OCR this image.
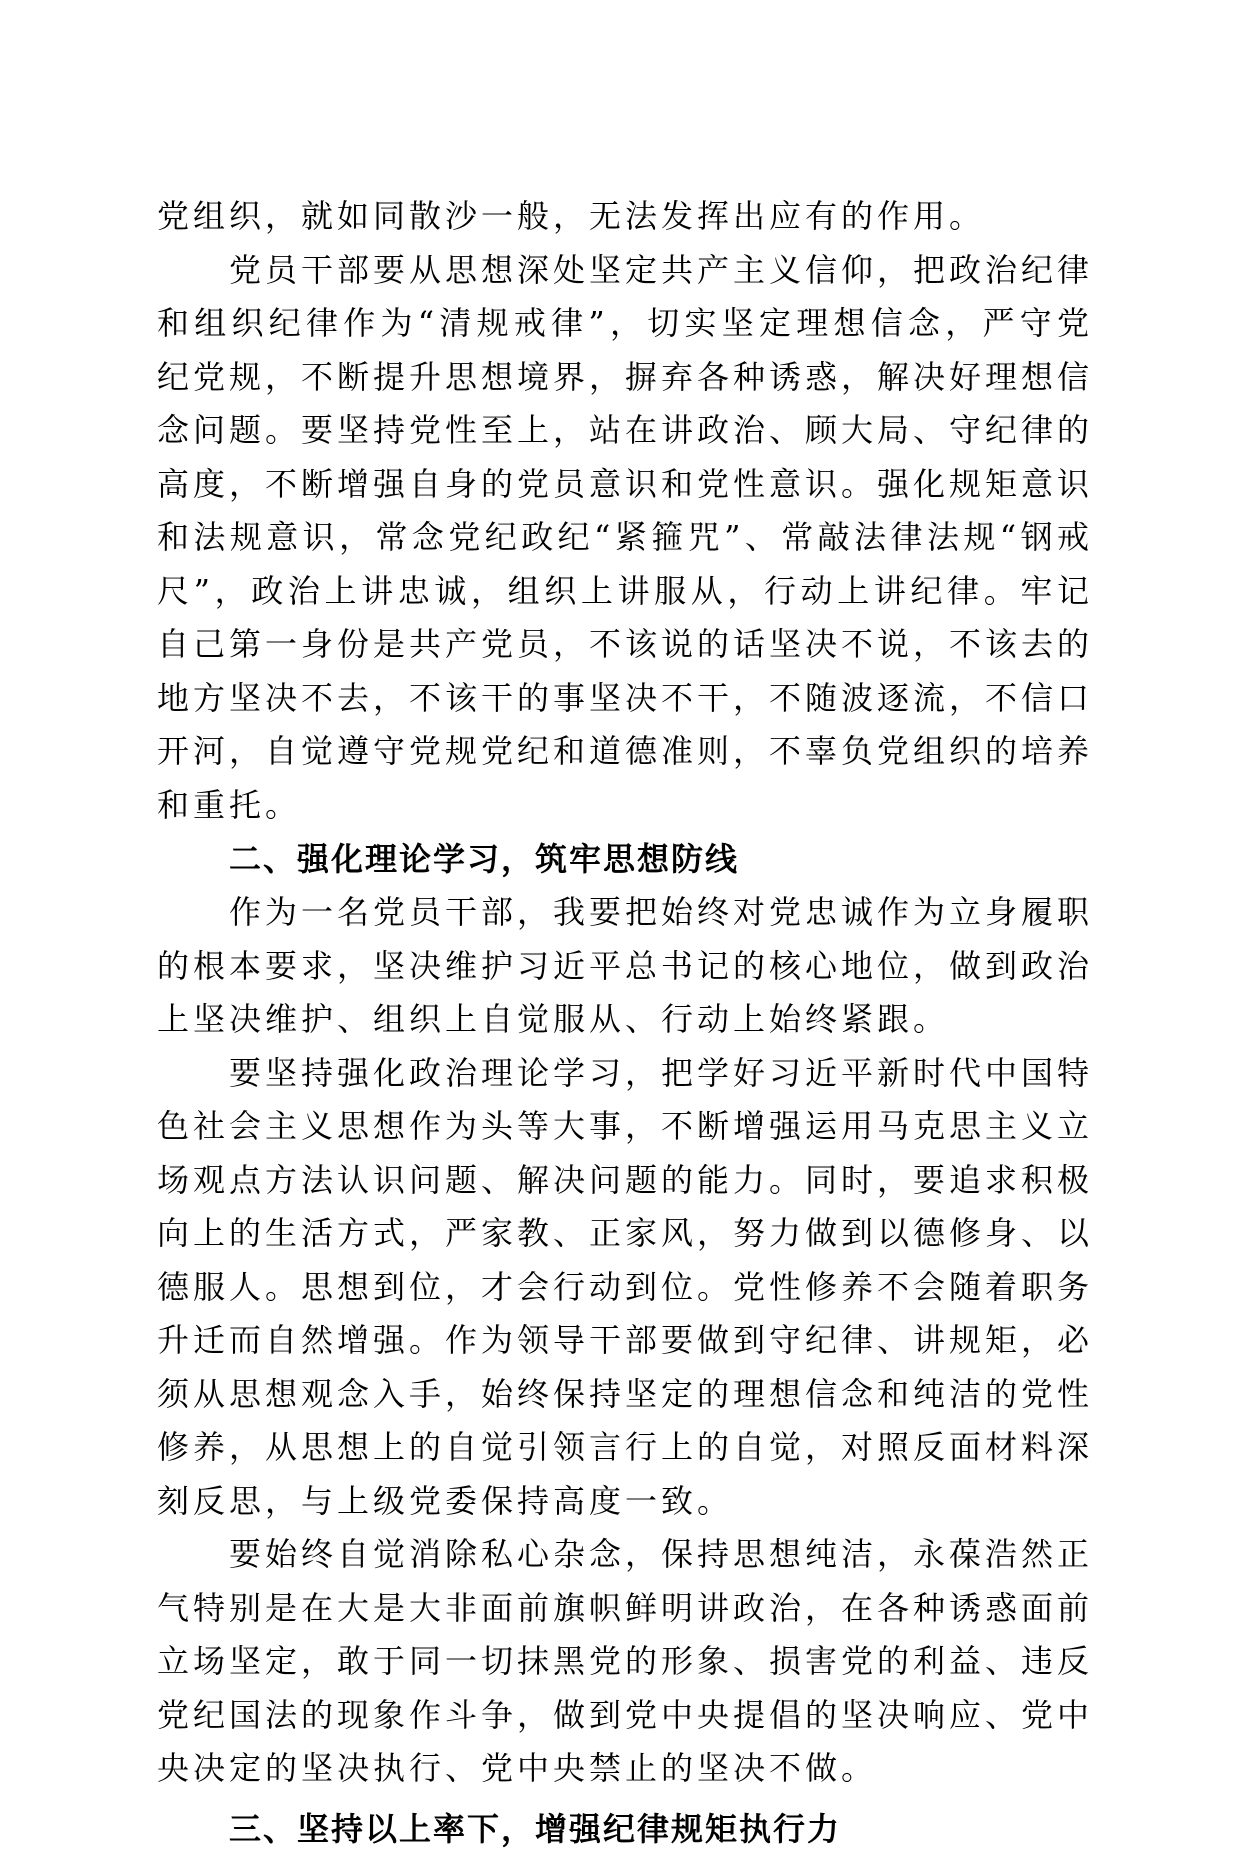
党组织，就如同散沙一般，无法发挥出应有的作用。

党员干部要从思想深处坚定共产主义信仰，把政治纪律和组织纪律作为“清规戒律”，切实坚定理想信念，严守党纪党规，不断提升思想境界，摒弃各种诱惑，解决好理想信念问题。要坚持党性至上，站在讲政治、顾大局、守纪律的高度，不断增强自身的党员意识和党性意识。强化规矩意识和法规意识，常念党纪政纪“紧箍咒”、常敲法律法规“钢戒尺”，政治上讲忠诚，组织上讲服从，行动上讲纪律。牢记自己第一身份是共产党员，不该说的话坚决不说，不该去的地方坚决不去，不该干的事坚决不干，不随波逐流，不信口开河，自觉遵守党规党纪和道德准则，不辜负党组织的培养和重托。

二、强化理论学习，筑牢思想防线

作为一名党员干部，我要把始终对党忠诚作为立身履职的根本要求，坚决维护习近平总书记的核心地位，做到政治上坚决维护、组织上自觉服从、行动上始终紧跟。

要坚持强化政治理论学习，把学好习近平新时代中国特色社会主义思想作为头等大事，不断增强运用马克思主义立场观点方法认识问题、解决问题的能力。同时，要追求积极向上的生活方式，严家教、正家风，努力做到以德修身、以德服人。思想到位，才会行动到位。党性修养不会随着职务升迁而自然增强。作为领导干部要做到守纪律、讲规矩，必须从思想观念入手，始终保持坚定的理想信念和纯洁的党性修养，从思想上的自觉引领言行上的自觉，对照反面材料深刻反思，与上级党委保持高度一致。

要始终自觉消除私心杂念，保持思想纯洁，永葆浩然正气特别是在大是大非面前旗帜鲜明讲政治，在各种诱惑面前立场坚定，敢于同一切抹黑党的形象、损害党的利益、违反党纪国法的现象作斗争，做到党中央提倡的坚决响应、党中央决定的坚决执行、党中央禁止的坚决不做。

三、坚持以上率下，增强纪律规矩执行力
